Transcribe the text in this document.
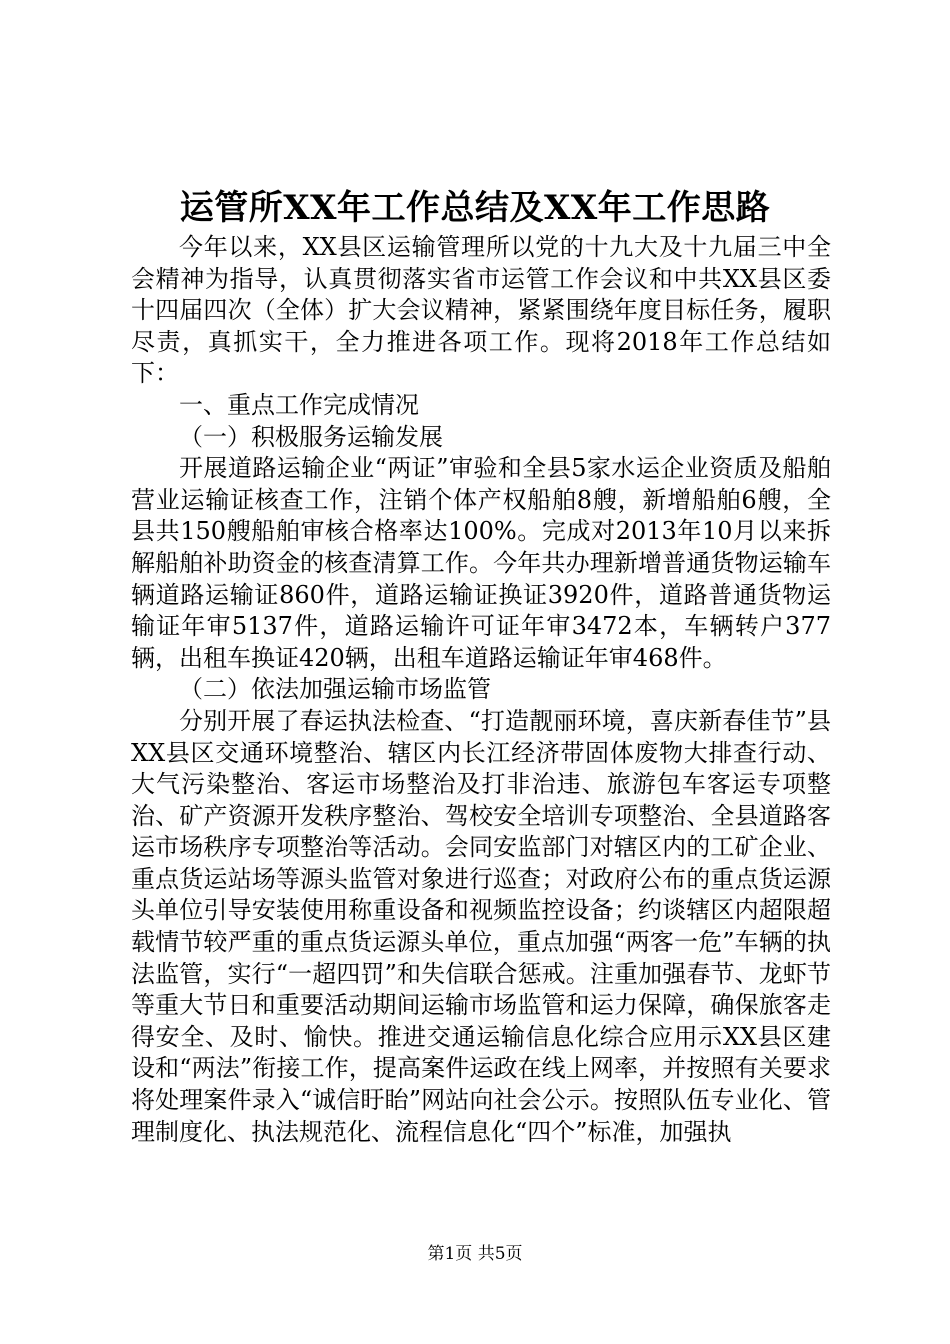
运管所XX年工作总结及XX年工作思路

今年以来，XX县区运输管理所以党的十九大及十九届三中全会精神为指导，认真贯彻落实省市运管工作会议和中共XX县区委十四届四次（全体）扩大会议精神，紧紧围绕年度目标任务，履职尽责，真抓实干，全力推进各项工作。现将2018年工作总结如下：

一、重点工作完成情况

（一）积极服务运输发展

开展道路运输企业“两证”审验和全县5家水运企业资质及船舶营业运输证核查工作，注销个体产权船舶8艘，新增船舶6艘，全县共150艘船舶审核合格率达100%。完成对2013年10月以来拆解船舶补助资金的核查清算工作。今年共办理新增普通货物运输车辆道路运输证860件，道路运输证换证3920件，道路普通货物运输证年审5137件，道路运输许可证年审3472本，车辆转户377辆，出租车换证420辆，出租车道路运输证年审468件。

（二）依法加强运输市场监管

分别开展了春运执法检查、“打造靓丽环境，喜庆新春佳节”县XX县区交通环境整治、辖区内长江经济带固体废物大排查行动、大气污染整治、客运市场整治及打非治违、旅游包车客运专项整治、矿产资源开发秩序整治、驾校安全培训专项整治、全县道路客运市场秩序专项整治等活动。会同安监部门对辖区内的工矿企业、重点货运站场等源头监管对象进行巡查；对政府公布的重点货运源头单位引导安装使用称重设备和视频监控设备；约谈辖区内超限超载情节较严重的重点货运源头单位，重点加强“两客一危”车辆的执法监管，实行“一超四罚”和失信联合惩戒。注重加强春节、龙虾节等重大节日和重要活动期间运输市场监管和运力保障，确保旅客走得安全、及时、愉快。推进交通运输信息化综合应用示XX县区建设和“两法”衔接工作，提高案件运政在线上网率，并按照有关要求将处理案件录入“诚信盱眙”网站向社会公示。按照队伍专业化、管理制度化、执法规范化、流程信息化“四个”标准，加强执

第1页 共5页
